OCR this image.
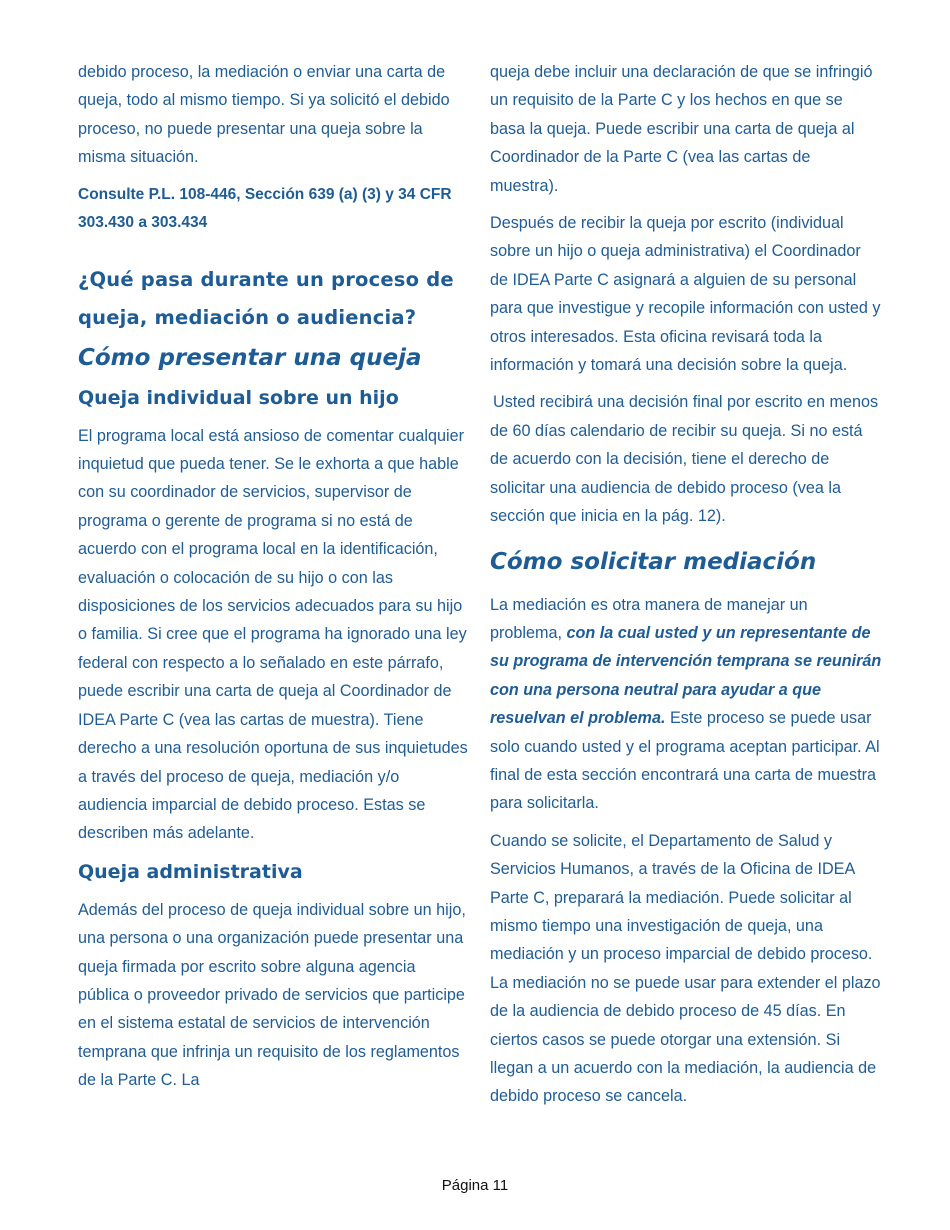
debido proceso, la mediación o enviar una carta de queja, todo al mismo tiempo. Si ya solicitó el debido proceso, no puede presentar una queja sobre la misma situación.

Consulte P.L. 108-446, Sección 639 (a) (3) y 34 CFR 303.430 a 303.434

¿Qué pasa durante un proceso de queja, mediación o audiencia?
Cómo presentar una queja
Queja individual sobre un hijo

El programa local está ansioso de comentar cualquier inquietud que pueda tener. Se le exhorta a que hable con su coordinador de servicios, supervisor de programa o gerente de programa si no está de acuerdo con el programa local en la identificación, evaluación o colocación de su hijo o con las disposiciones de los servicios adecuados para su hijo o familia. Si cree que el programa ha ignorado una ley federal con respecto a lo señalado en este párrafo, puede escribir una carta de queja al Coordinador de IDEA Parte C (vea las cartas de muestra). Tiene derecho a una resolución oportuna de sus inquietudes a través del proceso de queja, mediación y/o audiencia imparcial de debido proceso. Estas se describen más adelante.

Queja administrativa

Además del proceso de queja individual sobre un hijo, una persona o una organización puede presentar una queja firmada por escrito sobre alguna agencia pública o proveedor privado de servicios que participe en el sistema estatal de servicios de intervención temprana que infrinja un requisito de los reglamentos de la Parte C. La

queja debe incluir una declaración de que se infringió un requisito de la Parte C y los hechos en que se basa la queja. Puede escribir una carta de queja al Coordinador de la Parte C (vea las cartas de muestra).

Después de recibir la queja por escrito (individual sobre un hijo o queja administrativa) el Coordinador de IDEA Parte C asignará a alguien de su personal para que investigue y recopile información con usted y otros interesados. Esta oficina revisará toda la información y tomará una decisión sobre la queja.

Usted recibirá una decisión final por escrito en menos de 60 días calendario de recibir su queja. Si no está de acuerdo con la decisión, tiene el derecho de solicitar una audiencia de debido proceso (vea la sección que inicia en la pág. 12).

Cómo solicitar mediación

La mediación es otra manera de manejar un problema, con la cual usted y un representante de su programa de intervención temprana se reunirán con una persona neutral para ayudar a que resuelvan el problema. Este proceso se puede usar solo cuando usted y el programa aceptan participar. Al final de esta sección encontrará una carta de muestra para solicitarla.

Cuando se solicite, el Departamento de Salud y Servicios Humanos, a través de la Oficina de IDEA Parte C, preparará la mediación. Puede solicitar al mismo tiempo una investigación de queja, una mediación y un proceso imparcial de debido proceso. La mediación no se puede usar para extender el plazo de la audiencia de debido proceso de 45 días. En ciertos casos se puede otorgar una extensión. Si llegan a un acuerdo con la mediación, la audiencia de debido proceso se cancela.

Página 11
